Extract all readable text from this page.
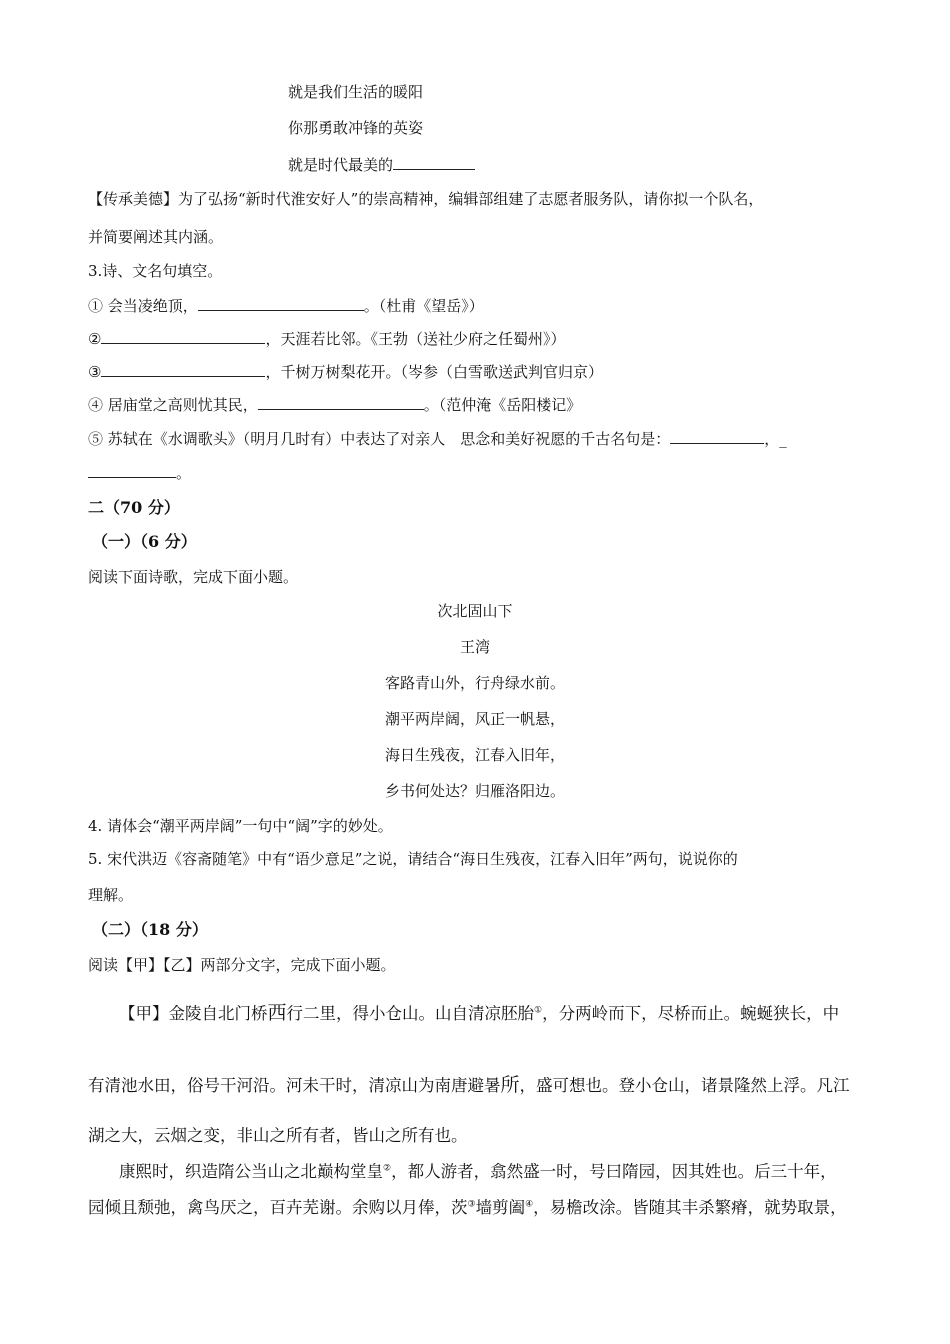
就是我们生活的暖阳
你那勇敢冲锋的英姿
就是时代最美的
【传承美德】为了弘扬“新时代淮安好人”的崇高精神，编辑部组建了志愿者服务队，请你拟一个队名，
并简要阐述其内涵。
3.诗、文名句填空。
① 会当凌绝顶，	。（杜甫《望岳》）
②	，天涯若比邻。《王勃（送社少府之任蜀州》）
③	，千树万树梨花开。（岑参（白雪歌送武判官归京）
④ 居庙堂之高则忧其民，	。（范仲淹《岳阳楼记》
⑤ 苏轼在《水调歌头》（明月几时有）中表达了对亲人　思念和美好祝愿的千古名句是：	，_
。
二（70 分）
（一）（6 分）
阅读下面诗歌，完成下面小题。
次北固山下
王湾
客路青山外，行舟绿水前。
潮平两岸阔，风正一帆悬，
海日生残夜，江春入旧年，
乡书何处达？归雁洛阳边。
4. 请体会“潮平两岸阔”一句中“阔”字的妙处。
5. 宋代洪迈《容斋随笔》中有“语少意足”之说，请结合“海日生残夜，江春入旧年”两句，说说你的
理解。
（二）（18 分）
阅读【甲】【乙】两部分文字，完成下面小题。
【甲】金陵自北门桥西行二里，得小仓山。山自清凉胚胎①，分两岭而下，尽桥而止。蜿蜒狭长，中
有清池水田，俗号干河沿。河未干时，清凉山为南唐避暑所，盛可想也。登小仓山，诸景隆然上浮。凡江
湖之大，云烟之变，非山之所有者，皆山之所有也。
康熙时，织造隋公当山之北巅构堂皇②，都人游者，翕然盛一时，号曰隋园，因其姓也。后三十年，
园倾且颓弛，禽鸟厌之，百卉芜谢。余购以月俸，茨③墙剪阖④，易檐改涂。皆随其丰杀繁瘠，就势取景，
